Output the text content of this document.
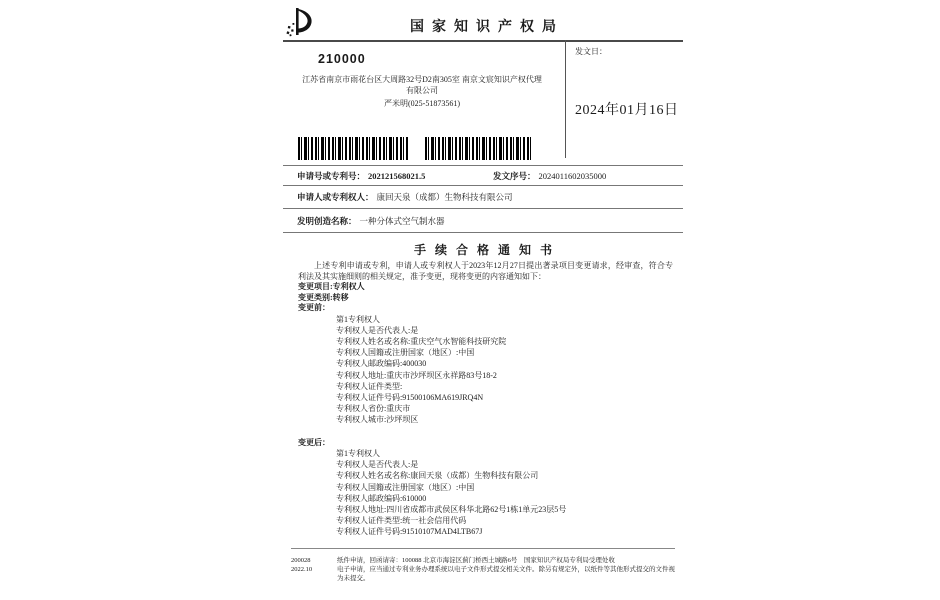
国家知识产权局
210000
江苏省南京市雨花台区大周路32号D2南305室 南京文宸知识产权代理有限公司
严米明(025-51873561)
发文日：
2024年01月16日
申请号或专利号： 202121568021.5	发文序号： 2024011602035000
申请人或专利权人： 康回天泉（成都）生物科技有限公司
发明创造名称： 一种分体式空气制水器
手续合格通知书
上述专利申请或专利，申请人或专利权人于2023年12月27日提出著录项目变更请求，经审查，符合专利法及其实施细则的相关规定，准予变更，现将变更的内容通知如下：
变更项目:专利权人
变更类别:转移
变更前：
第1专利权人
专利权人是否代表人:是
专利权人姓名或名称:重庆空气水智能科技研究院
专利权人国籍或注册国家（地区）:中国
专利权人邮政编码:400030
专利权人地址:重庆市沙坪坝区永祥路83号18-2
专利权人证件类型:
专利权人证件号码:91500106MA619JRQ4N
专利权人省份:重庆市
专利权人城市:沙坪坝区
变更后：
第1专利权人
专利权人是否代表人:是
专利权人姓名或名称:康回天泉（成都）生物科技有限公司
专利权人国籍或注册国家（地区）:中国
专利权人邮政编码:610000
专利权人地址:四川省成都市武侯区科华北路62号1栋1单元23层5号
专利权人证件类型:统一社会信用代码
专利权人证件号码:91510107MAD4LTB67J
200028
2022.10
纸件申请，回函请寄：100088 北京市海淀区蓟门桥西土城路6号　国家知识产权局专利局受理处收
电子申请，应当通过专利业务办理系统以电子文件形式提交相关文件。除另有规定外，以纸件等其他形式提交的文件视为未提交。
